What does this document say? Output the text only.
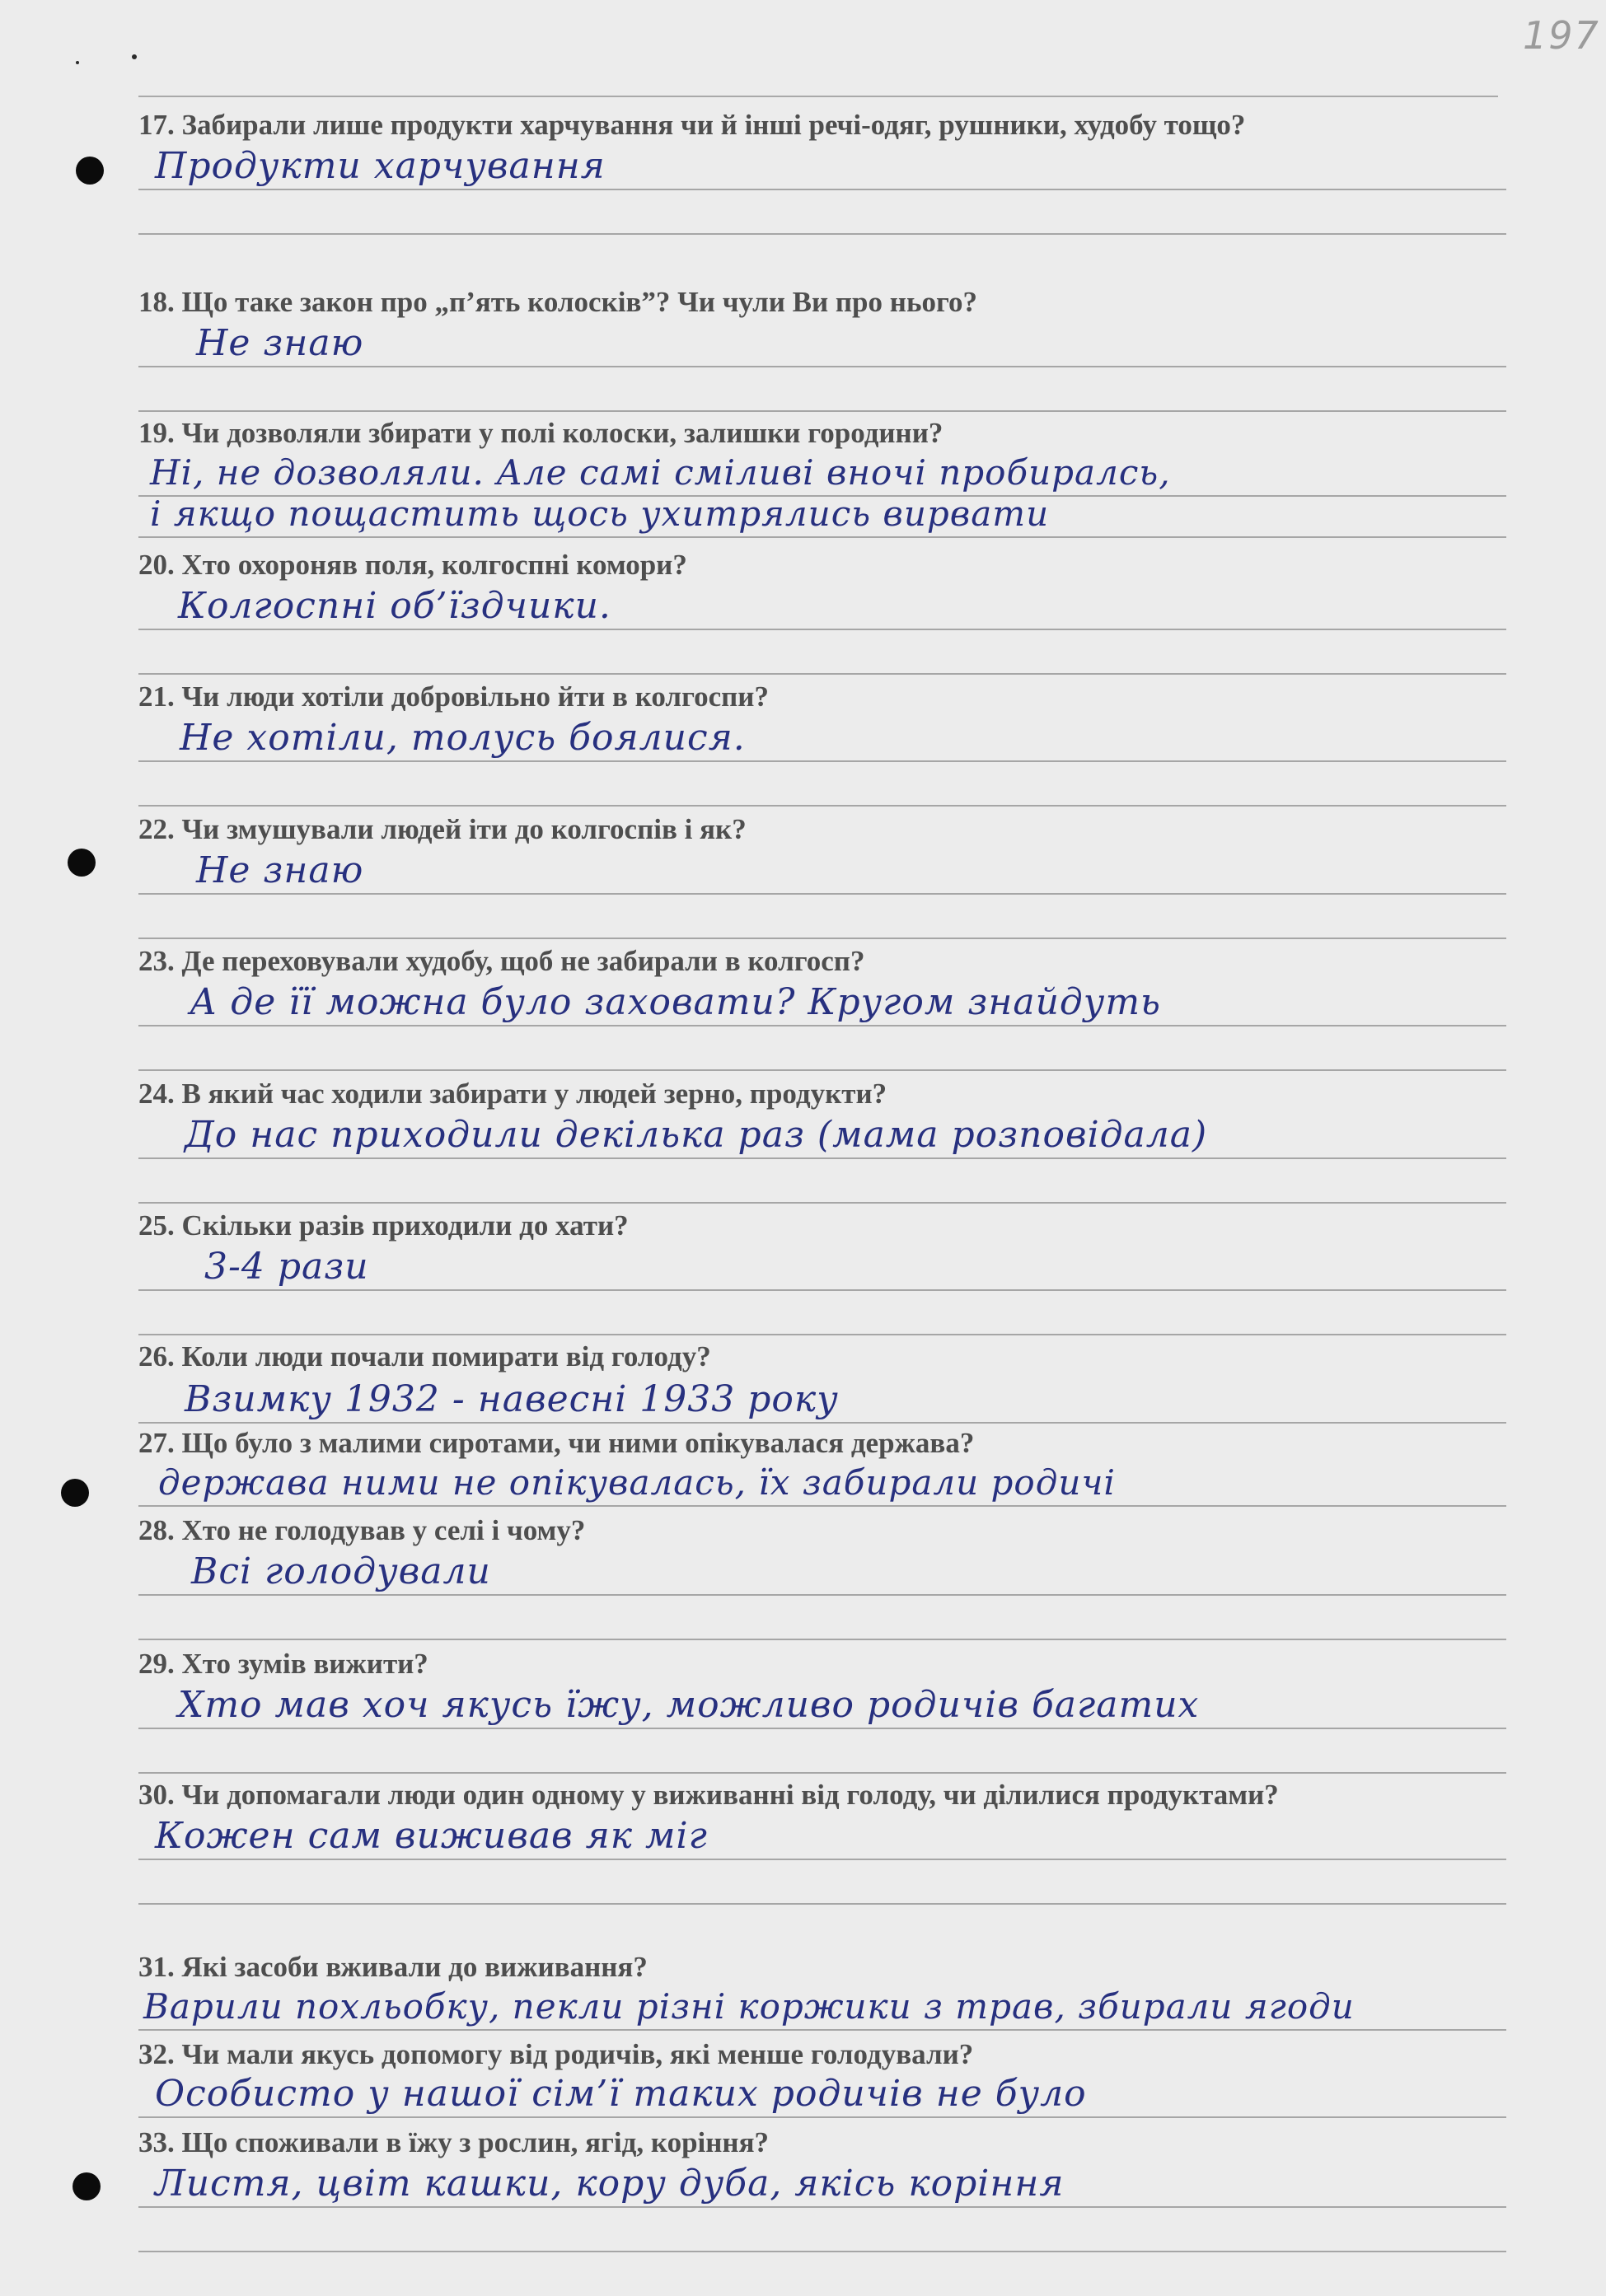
197

17. Забирали лише продукти харчування чи й інші речі-одяг, рушники, худобу тощо?

Продукти харчування

18. Що таке закон про „п’ять колосків”? Чи чули Ви про нього?

Не знаю

19. Чи дозволяли збирати у полі колоски, залишки городини?

Ні, не дозволяли. Але самі сміливі вночі пробиралсь,
і якщо пощастить щось ухитрялись вирвати

20. Хто охороняв поля, колгоспні комори?

Колгоспні об’їздчики.

21. Чи люди хотіли добровільно йти в колгоспи?

Не хотіли, толусь боялися.

22. Чи змушували людей іти до колгоспів і як?

Не знаю

23. Де переховували худобу, щоб не забирали в колгосп?

А де її можна було заховати? Кругом знайдуть

24. В який час ходили забирати у людей зерно, продукти?

До нас приходили декілька раз (мама розповідала)

25. Скільки разів приходили до хати?

3-4 рази

26. Коли люди почали помирати від голоду?

Взимку 1932 - навесні 1933 року

27. Що було з малими сиротами, чи ними опікувалася держава?

держава ними не опікувалась, їх забирали родичі

28. Хто не голодував у селі і чому?

Всі голодували

29. Хто зумів вижити?

Хто мав хоч якусь їжу, можливо родичів багатих

30. Чи допомагали люди один одному у виживанні від голоду, чи ділилися продуктами?

Кожен сам виживав як міг

31. Які засоби вживали до виживання?

Варили похльобку, пекли різні коржики з трав, збирали ягоди

32. Чи мали якусь допомогу від родичів, які менше голодували?

Особисто у нашої сім’ї таких родичів не було

33. Що споживали в їжу з рослин, ягід, коріння?

Листя, цвіт кашки, кору дуба, якісь коріння
